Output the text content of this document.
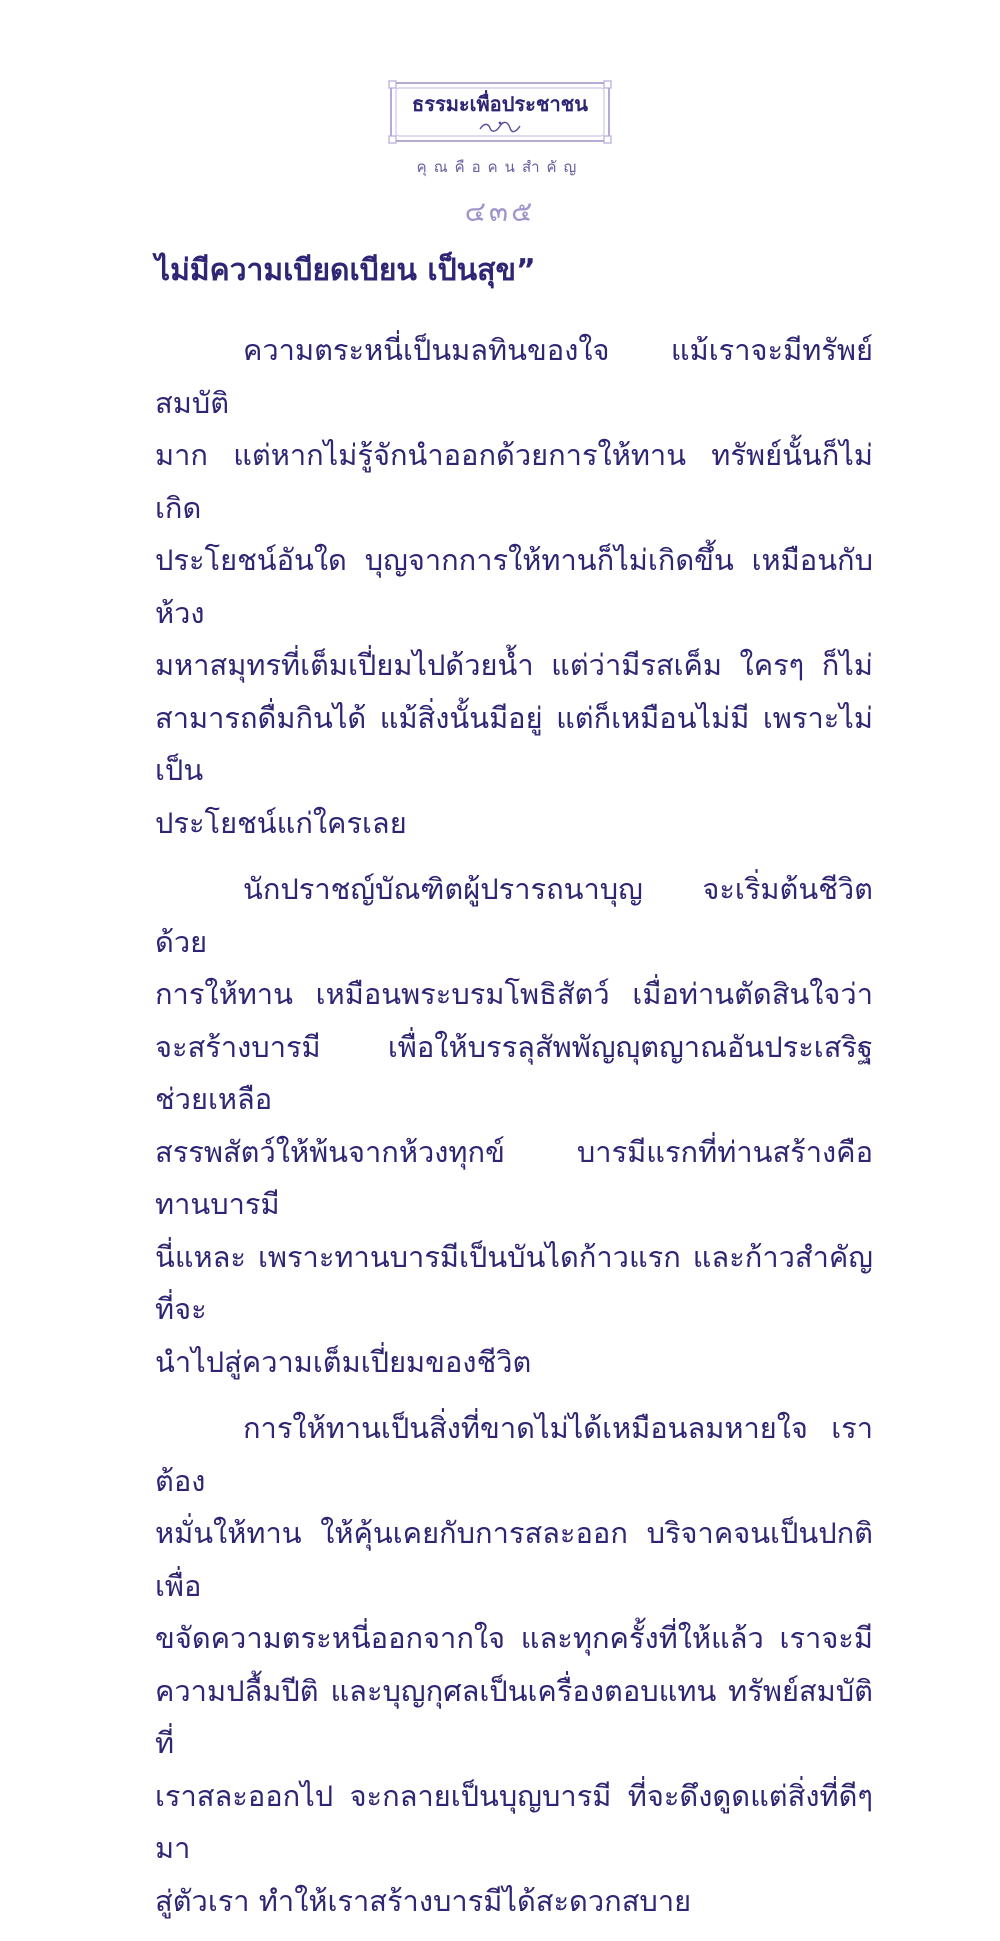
ธรรมะเพื่อประชาชน
คุณคือคนสำคัญ
๔๓๕
ไม่มีความเบียดเบียน เป็นสุข”
ความตระหนี่เป็นมลทินของใจ แม้เราจะมีทรัพย์สมบัติ
มาก แต่หากไม่รู้จักนำออกด้วยการให้ทาน ทรัพย์นั้นก็ไม่เกิด
ประโยชน์อันใด บุญจากการให้ทานก็ไม่เกิดขึ้น เหมือนกับห้วง
มหาสมุทรที่เต็มเปี่ยมไปด้วยน้ำ แต่ว่ามีรสเค็ม ใครๆ ก็ไม่
สามารถดื่มกินได้ แม้สิ่งนั้นมีอยู่ แต่ก็เหมือนไม่มี เพราะไม่เป็น
ประโยชน์แก่ใครเลย
นักปราชญ์บัณฑิตผู้ปรารถนาบุญ จะเริ่มต้นชีวิตด้วย
การให้ทาน เหมือนพระบรมโพธิสัตว์ เมื่อท่านตัดสินใจว่า
จะสร้างบารมี เพื่อให้บรรลุสัพพัญญุตญาณอันประเสริฐ ช่วยเหลือ
สรรพสัตว์ให้พ้นจากห้วงทุกข์ บารมีแรกที่ท่านสร้างคือทานบารมี
นี่แหละ เพราะทานบารมีเป็นบันไดก้าวแรก และก้าวสำคัญที่จะ
นำไปสู่ความเต็มเปี่ยมของชีวิต
การให้ทานเป็นสิ่งที่ขาดไม่ได้เหมือนลมหายใจ เราต้อง
หมั่นให้ทาน ให้คุ้นเคยกับการสละออก บริจาคจนเป็นปกติ เพื่อ
ขจัดความตระหนี่ออกจากใจ และทุกครั้งที่ให้แล้ว เราจะมี
ความปลื้มปีติ และบุญกุศลเป็นเครื่องตอบแทน ทรัพย์สมบัติที่
เราสละออกไป จะกลายเป็นบุญบารมี ที่จะดึงดูดแต่สิ่งที่ดีๆ มา
สู่ตัวเรา ทำให้เราสร้างบารมีได้สะดวกสบาย
